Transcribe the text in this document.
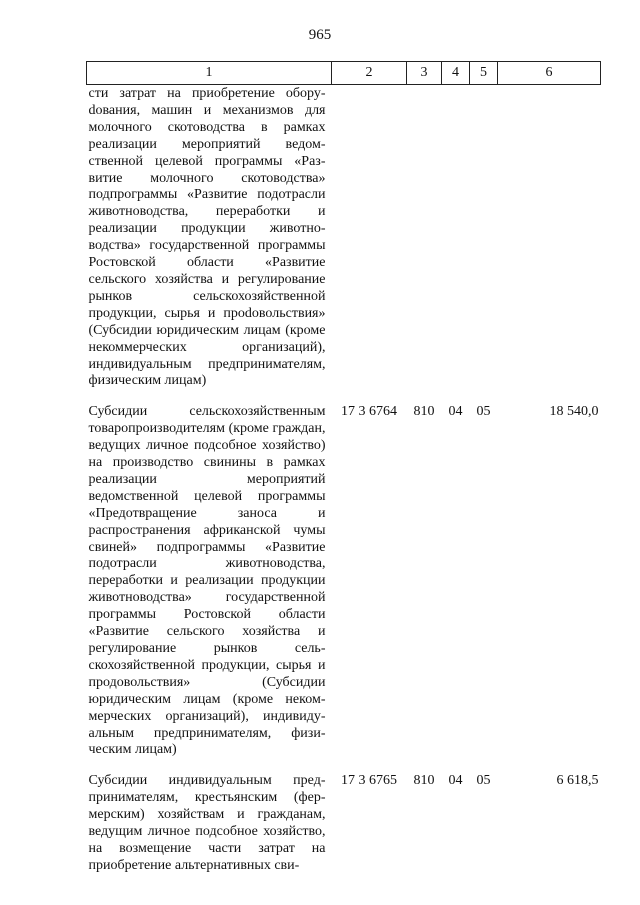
965
1	2	3	4	5	6
сти затрат на приобретение оборуdования, машин и механизмов для молочного скотоводства в рамках реализации мероприятий ведомственной целевой программы «Развитие молочного скотоводства» подпрограммы «Развитие подотрасли животноводства, переработки и реализации продукции животноводства» государственной программы Ростовской области «Развитие сельского хозяйства и регулирование рынков сельскохозяйственной продукции, сырья и проdовольствия» (Субсидии юридическим лицам (кроме некоммерческих организаций), индивидуальным предпринимателям, физическим лицам)					
Субсидии сельскохозяйственным товаропроизводителям (кроме граждан, ведущих личное подсобное хозяйство) на производство свинины в рамках реализации мероприятий ведомственной целевой программы «Предотвращение заноса и распространения африканской чумы свиней» подпрограммы «Развитие подотрасли животноводства, переработки и реализации продукции животноводства» государственной программы Ростовской области «Развитие сельского хозяйства и регулирование рынков сельскохозяйственной продукции, сырья и продовольствия» (Субсидии юридическим лицам (кроме некоммерческих организаций), индивидуальным предпринимателям, физическим лицам)	17 3 6764	810	04	05	18 540,0
Субсидии индивидуальным предпринимателям, крестьянским (фермерским) хозяйствам и гражданам, ведущим личное подсобное хозяйство, на возмещение части затрат на приобретение альтернативных сви-	17 3 6765	810	04	05	6 618,5
